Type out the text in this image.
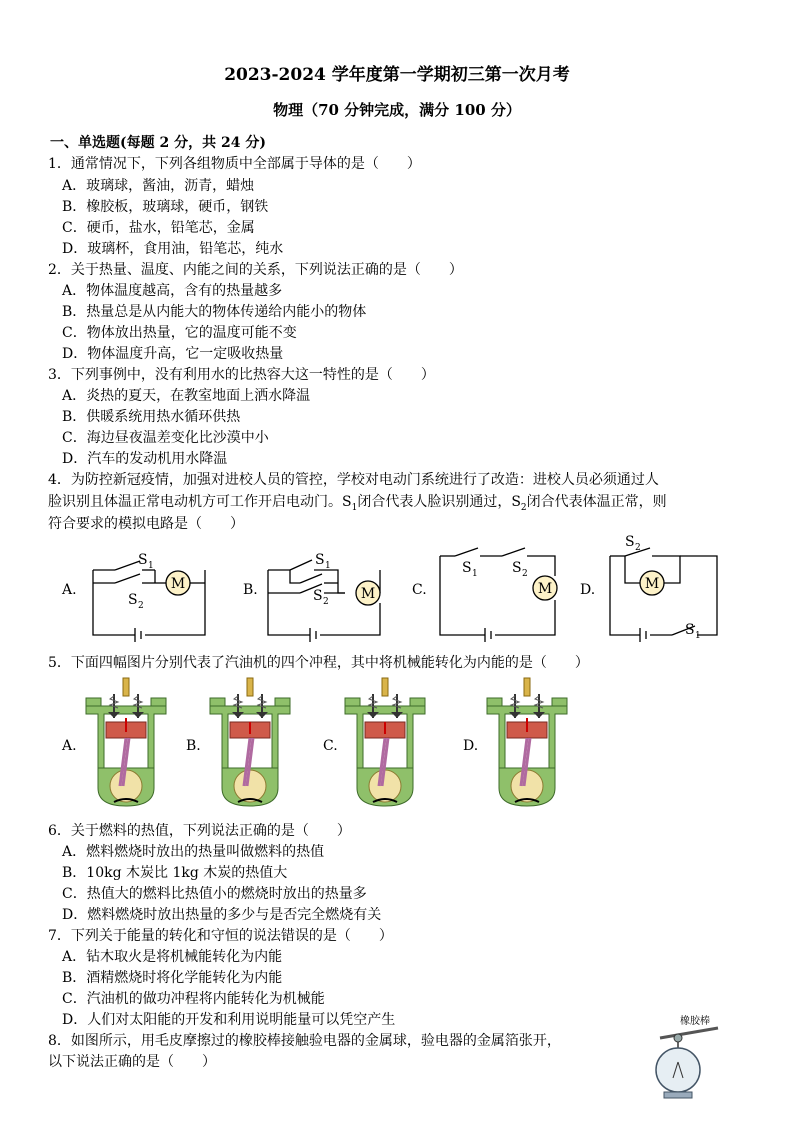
2023-2024 学年度第一学期初三第一次月考
物理（70 分钟完成，满分 100 分）
一、单选题(每题 2 分，共 24 分)
1．通常情况下，下列各组物质中全部属于导体的是（　　）
A．玻璃球，酱油，沥青，蜡烛
B．橡胶板，玻璃球，硬币，钢铁
C．硬币，盐水，铅笔芯，金属
D．玻璃杯，食用油，铅笔芯，纯水
2．关于热量、温度、内能之间的关系，下列说法正确的是（　　）
A．物体温度越高，含有的热量越多
B．热量总是从内能大的物体传递给内能小的物体
C．物体放出热量，它的温度可能不变
D．物体温度升高，它一定吸收热量
3．下列事例中，没有利用水的比热容大这一特性的是（　　）
A．炎热的夏天，在教室地面上洒水降温
B．供暖系统用热水循环供热
C．海边昼夜温差变化比沙漠中小
D．汽车的发动机用水降温
4．为防控新冠疫情，加强对进校人员的管控，学校对电动门系统进行了改造：进校人员必须通过人
脸识别且体温正常电动机方可工作开启电动门。$S_1$闭合代表人脸识别通过，$S_2$闭合代表体温正常，则
符合要求的模拟电路是（　　）
M
M	M	M
S 1
S 2
S 1
S 2
S 1 S 2
S 2
S 1
A.	B.	C.	D.
5．下面四幅图片分别代表了汽油机的四个冲程，其中将机械能转化为内能的是（　　）
A.	B.	C.	D.
6．关于燃料的热值，下列说法正确的是（　　）
A．燃料燃烧时放出的热量叫做燃料的热值
B．10kg 木炭比 1kg 木炭的热值大
C．热值大的燃料比热值小的燃烧时放出的热量多
D．燃料燃烧时放出热量的多少与是否完全燃烧有关
7．下列关于能量的转化和守恒的说法错误的是（　　）
A．钻木取火是将机械能转化为内能
B．酒精燃烧时将化学能转化为内能
C．汽油机的做功冲程将内能转化为机械能
D．人们对太阳能的开发和利用说明能量可以凭空产生
8．如图所示，用毛皮摩擦过的橡胶棒接触验电器的金属球，验电器的金属箔张开，
以下说法正确的是（　　）
橡胶棒
